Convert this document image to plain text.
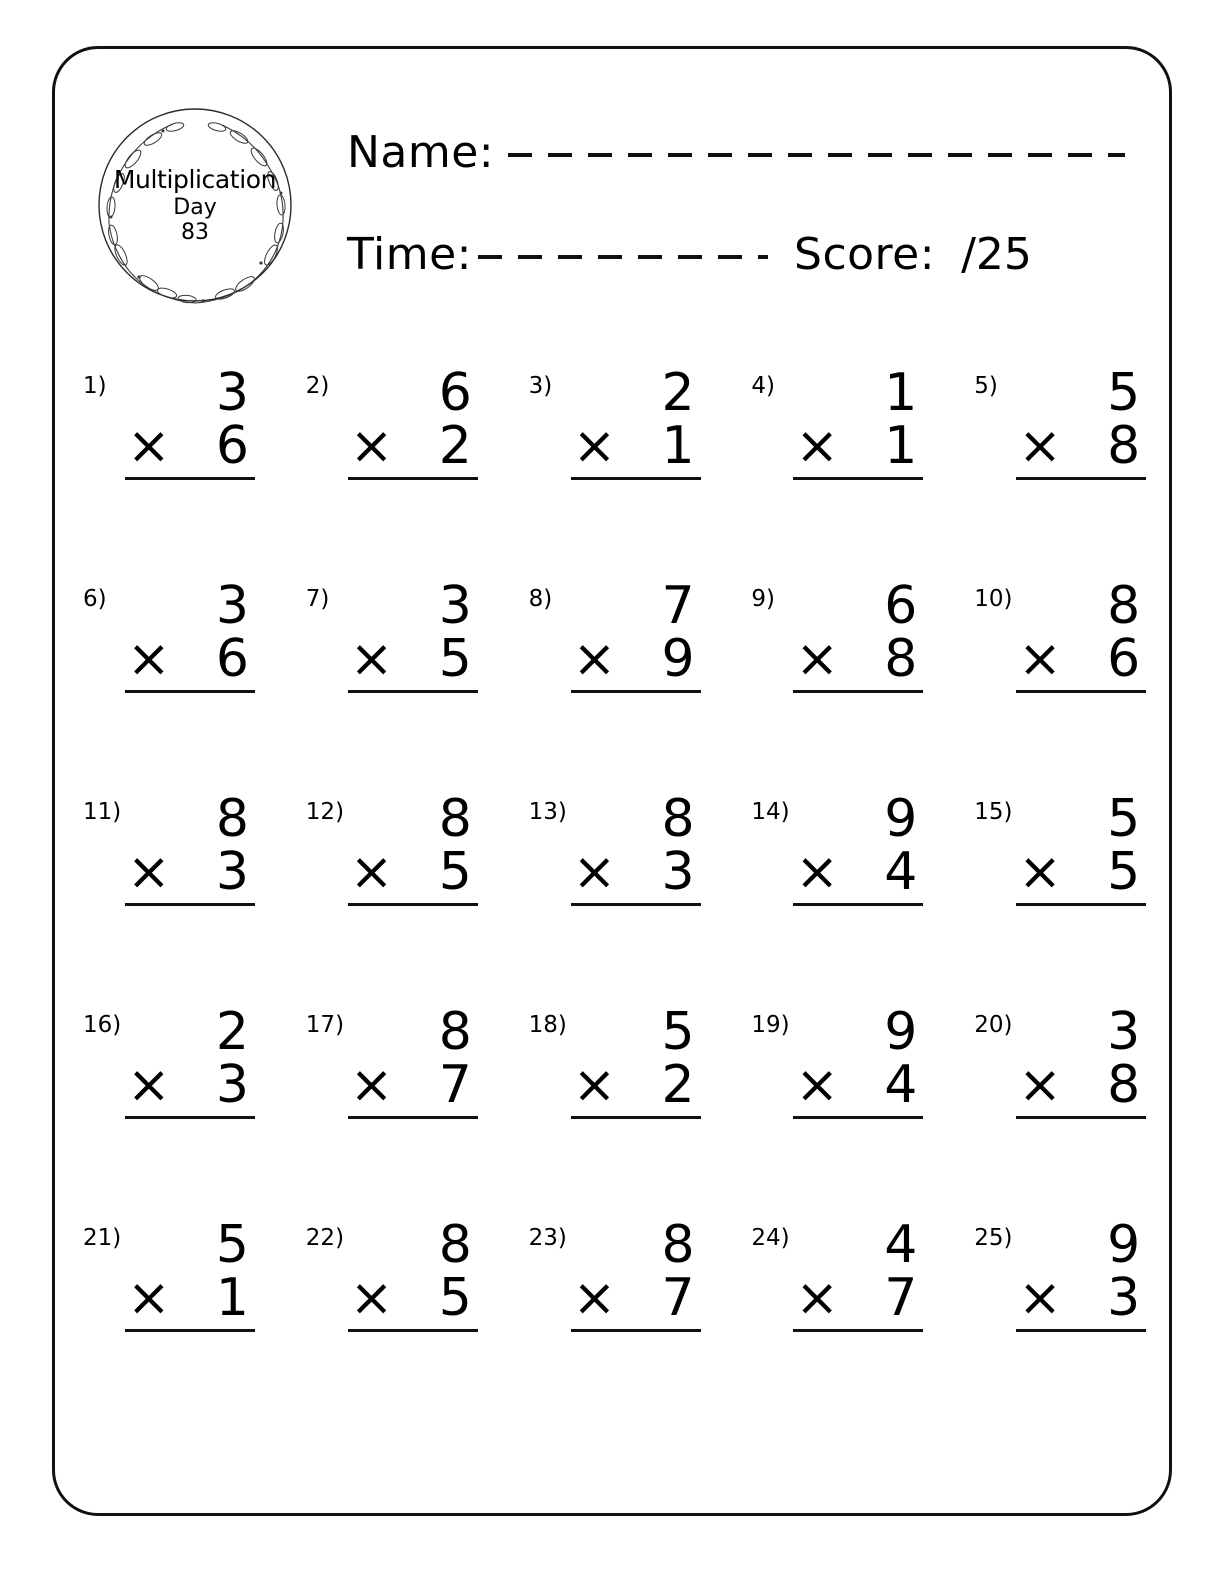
Multiplication
Day
83
Name:
Time:	Score: /25
1)	3
× 6
2)	6
× 2
3)	2
× 1
4)	1
× 1
5)	5
× 8
6)	3
× 6
7)	3
× 5
8)	7
× 9
9)	6
× 8
10)	8
× 6
11)	8
× 3
12)	8
× 5
13)	8
× 3
14)	9
× 4
15)	5
× 5
16)	2
× 3
17)	8
× 7
18)	5
× 2
19)	9
× 4
20)	3
× 8
21)	5
× 1
22)	8
× 5
23)	8
× 7
24)	4
× 7
25)	9
× 3
